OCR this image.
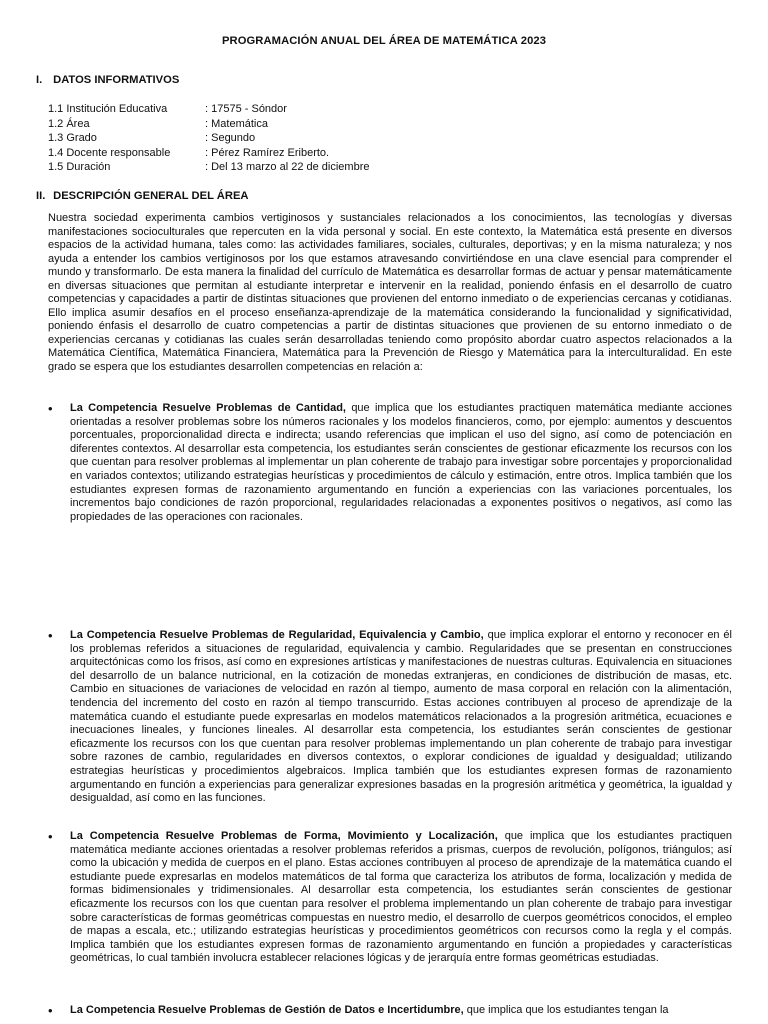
PROGRAMACIÓN ANUAL DEL ÁREA DE MATEMÁTICA 2023
I. DATOS INFORMATIVOS
1.1 Institución Educativa	: 17575 - Sóndor
1.2 Área	: Matemática
1.3 Grado	: Segundo
1.4 Docente responsable	: Pérez Ramírez Eriberto.
1.5 Duración	: Del 13 marzo al 22 de diciembre
II. DESCRIPCIÓN GENERAL DEL ÁREA

Nuestra sociedad experimenta cambios vertiginosos y sustanciales relacionados a los conocimientos, las tecnologías y diversas manifestaciones socioculturales que repercuten en la vida personal y social. En este contexto, la Matemática está presente en diversos espacios de la actividad humana, tales como: las actividades familiares, sociales, culturales, deportivas; y en la misma naturaleza; y nos ayuda a entender los cambios vertiginosos por los que estamos atravesando convirtiéndose en una clave esencial para comprender el mundo y transformarlo. De esta manera la finalidad del currículo de Matemática es desarrollar formas de actuar y pensar matemáticamente en diversas situaciones que permitan al estudiante interpretar e intervenir en la realidad, poniendo énfasis en el desarrollo de cuatro competencias y capacidades a partir de distintas situaciones que provienen del entorno inmediato o de experiencias cercanas y cotidianas. Ello implica asumir desafíos en el proceso enseñanza-aprendizaje de la matemática considerando la funcionalidad y significatividad, poniendo énfasis el desarrollo de cuatro competencias a partir de distintas situaciones que provienen de su entorno inmediato o de experiencias cercanas y cotidianas las cuales serán desarrolladas teniendo como propósito abordar cuatro aspectos relacionados a la Matemática Científica, Matemática Financiera, Matemática para la Prevención de Riesgo y Matemática para la interculturalidad. En este grado se espera que los estudiantes desarrollen competencias en relación a:

• La Competencia Resuelve Problemas de Cantidad, que implica que los estudiantes practiquen matemática mediante acciones orientadas a resolver problemas sobre los números racionales y los modelos financieros, como, por ejemplo: aumentos y descuentos porcentuales, proporcionalidad directa e indirecta; usando referencias que implican el uso del signo, así como de potenciación en diferentes contextos. Al desarrollar esta competencia, los estudiantes serán conscientes de gestionar eficazmente los recursos con los que cuentan para resolver problemas al implementar un plan coherente de trabajo para investigar sobre porcentajes y proporcionalidad en variados contextos; utilizando estrategias heurísticas y procedimientos de cálculo y estimación, entre otros. Implica también que los estudiantes expresen formas de razonamiento argumentando en función a experiencias con las variaciones porcentuales, los incrementos bajo condiciones de razón proporcional, regularidades relacionadas a exponentes positivos o negativos, así como las propiedades de las operaciones con racionales.

• La Competencia Resuelve Problemas de Regularidad, Equivalencia y Cambio, que implica explorar el entorno y reconocer en él los problemas referidos a situaciones de regularidad, equivalencia y cambio. Regularidades que se presentan en construcciones arquitectónicas como los frisos, así como en expresiones artísticas y manifestaciones de nuestras culturas. Equivalencia en situaciones del desarrollo de un balance nutricional, en la cotización de monedas extranjeras, en condiciones de distribución de masas, etc. Cambio en situaciones de variaciones de velocidad en razón al tiempo, aumento de masa corporal en relación con la alimentación, tendencia del incremento del costo en razón al tiempo transcurrido. Estas acciones contribuyen al proceso de aprendizaje de la matemática cuando el estudiante puede expresarlas en modelos matemáticos relacionados a la progresión aritmética, ecuaciones e inecuaciones lineales, y funciones lineales. Al desarrollar esta competencia, los estudiantes serán conscientes de gestionar eficazmente los recursos con los que cuentan para resolver problemas implementando un plan coherente de trabajo para investigar sobre razones de cambio, regularidades en diversos contextos, o explorar condiciones de igualdad y desigualdad; utilizando estrategias heurísticas y procedimientos algebraicos. Implica también que los estudiantes expresen formas de razonamiento argumentando en función a experiencias para generalizar expresiones basadas en la progresión aritmética y geométrica, la igualdad y desigualdad, así como en las funciones.

• La Competencia Resuelve Problemas de Forma, Movimiento y Localización, que implica que los estudiantes practiquen matemática mediante acciones orientadas a resolver problemas referidos a prismas, cuerpos de revolución, polígonos, triángulos; así como la ubicación y medida de cuerpos en el plano. Estas acciones contribuyen al proceso de aprendizaje de la matemática cuando el estudiante puede expresarlas en modelos matemáticos de tal forma que caracteriza los atributos de forma, localización y medida de formas bidimensionales y tridimensionales. Al desarrollar esta competencia, los estudiantes serán conscientes de gestionar eficazmente los recursos con los que cuentan para resolver el problema implementando un plan coherente de trabajo para investigar sobre características de formas geométricas compuestas en nuestro medio, el desarrollo de cuerpos geométricos conocidos, el empleo de mapas a escala, etc.; utilizando estrategias heurísticas y procedimientos geométricos con recursos como la regla y el compás. Implica también que los estudiantes expresen formas de razonamiento argumentando en función a propiedades y características geométricas, lo cual también involucra establecer relaciones lógicas y de jerarquía entre formas geométricas estudiadas.

• La Competencia Resuelve Problemas de Gestión de Datos e Incertidumbre, que implica que los estudiantes tengan la
